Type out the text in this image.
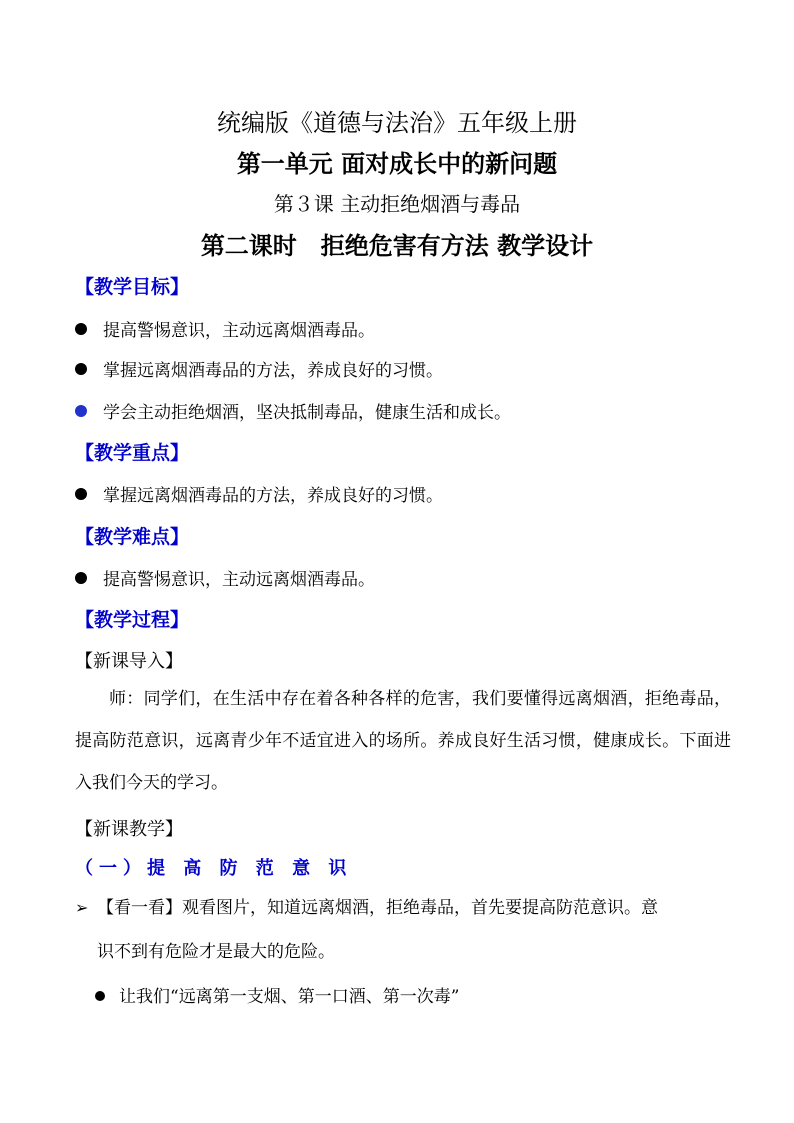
统编版《道德与法治》五年级上册
第一单元 面对成长中的新问题
第３课 主动拒绝烟酒与毒品
第二课时　拒绝危害有方法 教学设计
【教学目标】
提高警惕意识，主动远离烟酒毒品。
掌握远离烟酒毒品的方法，养成良好的习惯。
学会主动拒绝烟酒，坚决抵制毒品，健康生活和成长。
【教学重点】
掌握远离烟酒毒品的方法，养成良好的习惯。
【教学难点】
提高警惕意识，主动远离烟酒毒品。
【教学过程】
【新课导入】
师：同学们，在生活中存在着各种各样的危害，我们要懂得远离烟酒，拒绝毒品，提高防范意识，远离青少年不适宜进入的场所。养成良好生活习惯，健康成长。下面进入我们今天的学习。
【新课教学】
（一）提 高 防 范 意 识
➢ 【看一看】观看图片，知道远离烟酒，拒绝毒品，首先要提高防范意识。意
识不到有危险才是最大的危险。
让我们“远离第一支烟、第一口酒、第一次毒”
